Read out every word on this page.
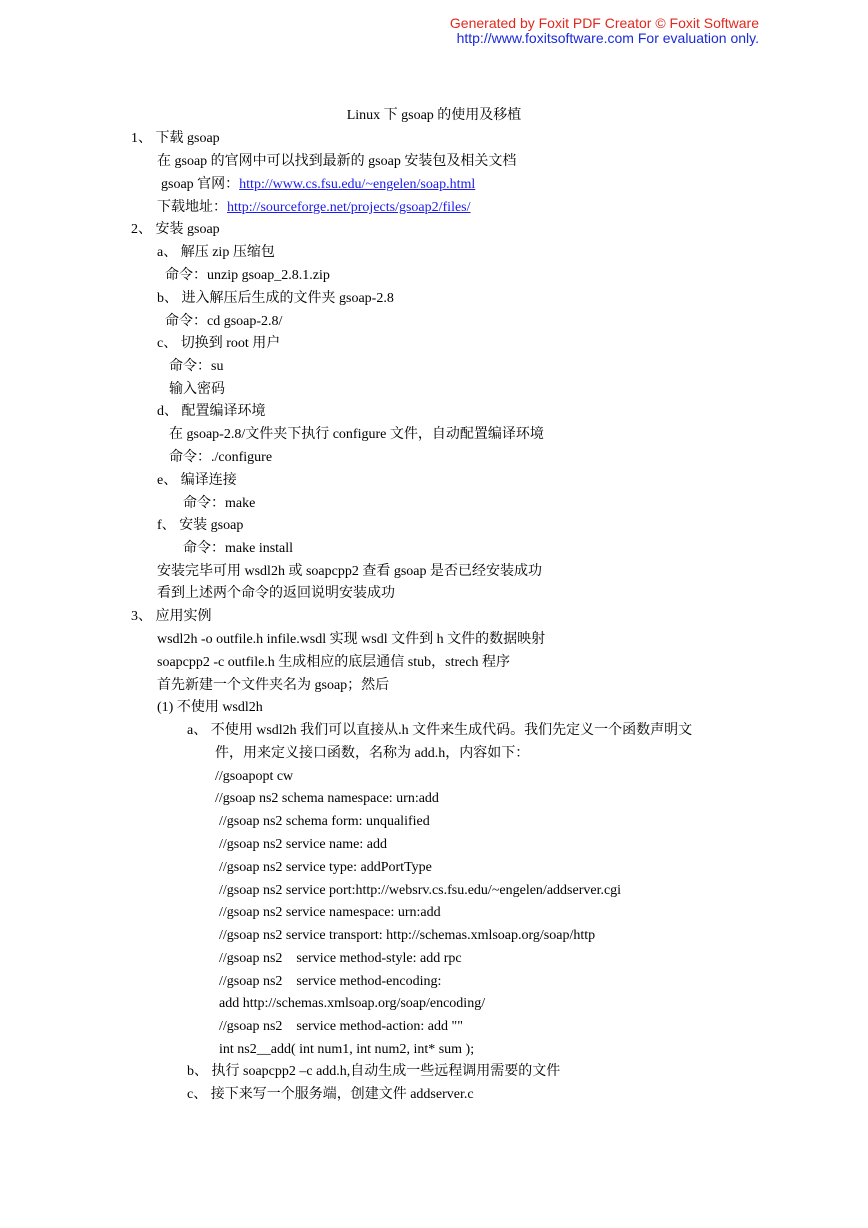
Generated by Foxit PDF Creator © Foxit Software
http://www.foxitsoftware.com For evaluation only.
Linux 下 gsoap 的使用及移植
1、 下载 gsoap
在 gsoap 的官网中可以找到最新的 gsoap 安装包及相关文档
gsoap 官网：http://www.cs.fsu.edu/~engelen/soap.html
下载地址：http://sourceforge.net/projects/gsoap2/files/
2、 安装 gsoap
a、 解压 zip 压缩包
命令：unzip gsoap_2.8.1.zip
b、 进入解压后生成的文件夹 gsoap-2.8
命令：cd gsoap-2.8/
c、 切换到 root 用户
命令：su
输入密码
d、 配置编译环境
在 gsoap-2.8/文件夹下执行 configure 文件，自动配置编译环境
命令：./configure
e、 编译连接
命令：make
f、 安装 gsoap
命令：make install
安装完毕可用 wsdl2h 或 soapcpp2 查看 gsoap 是否已经安装成功
看到上述两个命令的返回说明安装成功
3、 应用实例
wsdl2h -o outfile.h infile.wsdl 实现 wsdl 文件到 h 文件的数据映射
soapcpp2 -c outfile.h 生成相应的底层通信 stub，strech 程序
首先新建一个文件夹名为 gsoap；然后
(1) 不使用 wsdl2h
a、 不使用 wsdl2h 我们可以直接从.h 文件来生成代码。我们先定义一个函数声明文
件，用来定义接口函数，名称为 add.h，内容如下：
//gsoapopt cw
//gsoap ns2 schema namespace: urn:add
//gsoap ns2 schema form: unqualified
//gsoap ns2 service name: add
//gsoap ns2 service type: addPortType
//gsoap ns2 service port:http://websrv.cs.fsu.edu/~engelen/addserver.cgi
//gsoap ns2 service namespace: urn:add
//gsoap ns2 service transport: http://schemas.xmlsoap.org/soap/http
//gsoap ns2    service method-style: add rpc
//gsoap ns2    service method-encoding:
add http://schemas.xmlsoap.org/soap/encoding/
//gsoap ns2    service method-action: add ""
int ns2__add( int num1, int num2, int* sum );
b、 执行 soapcpp2 –c add.h,自动生成一些远程调用需要的文件
c、 接下来写一个服务端，创建文件 addserver.c
